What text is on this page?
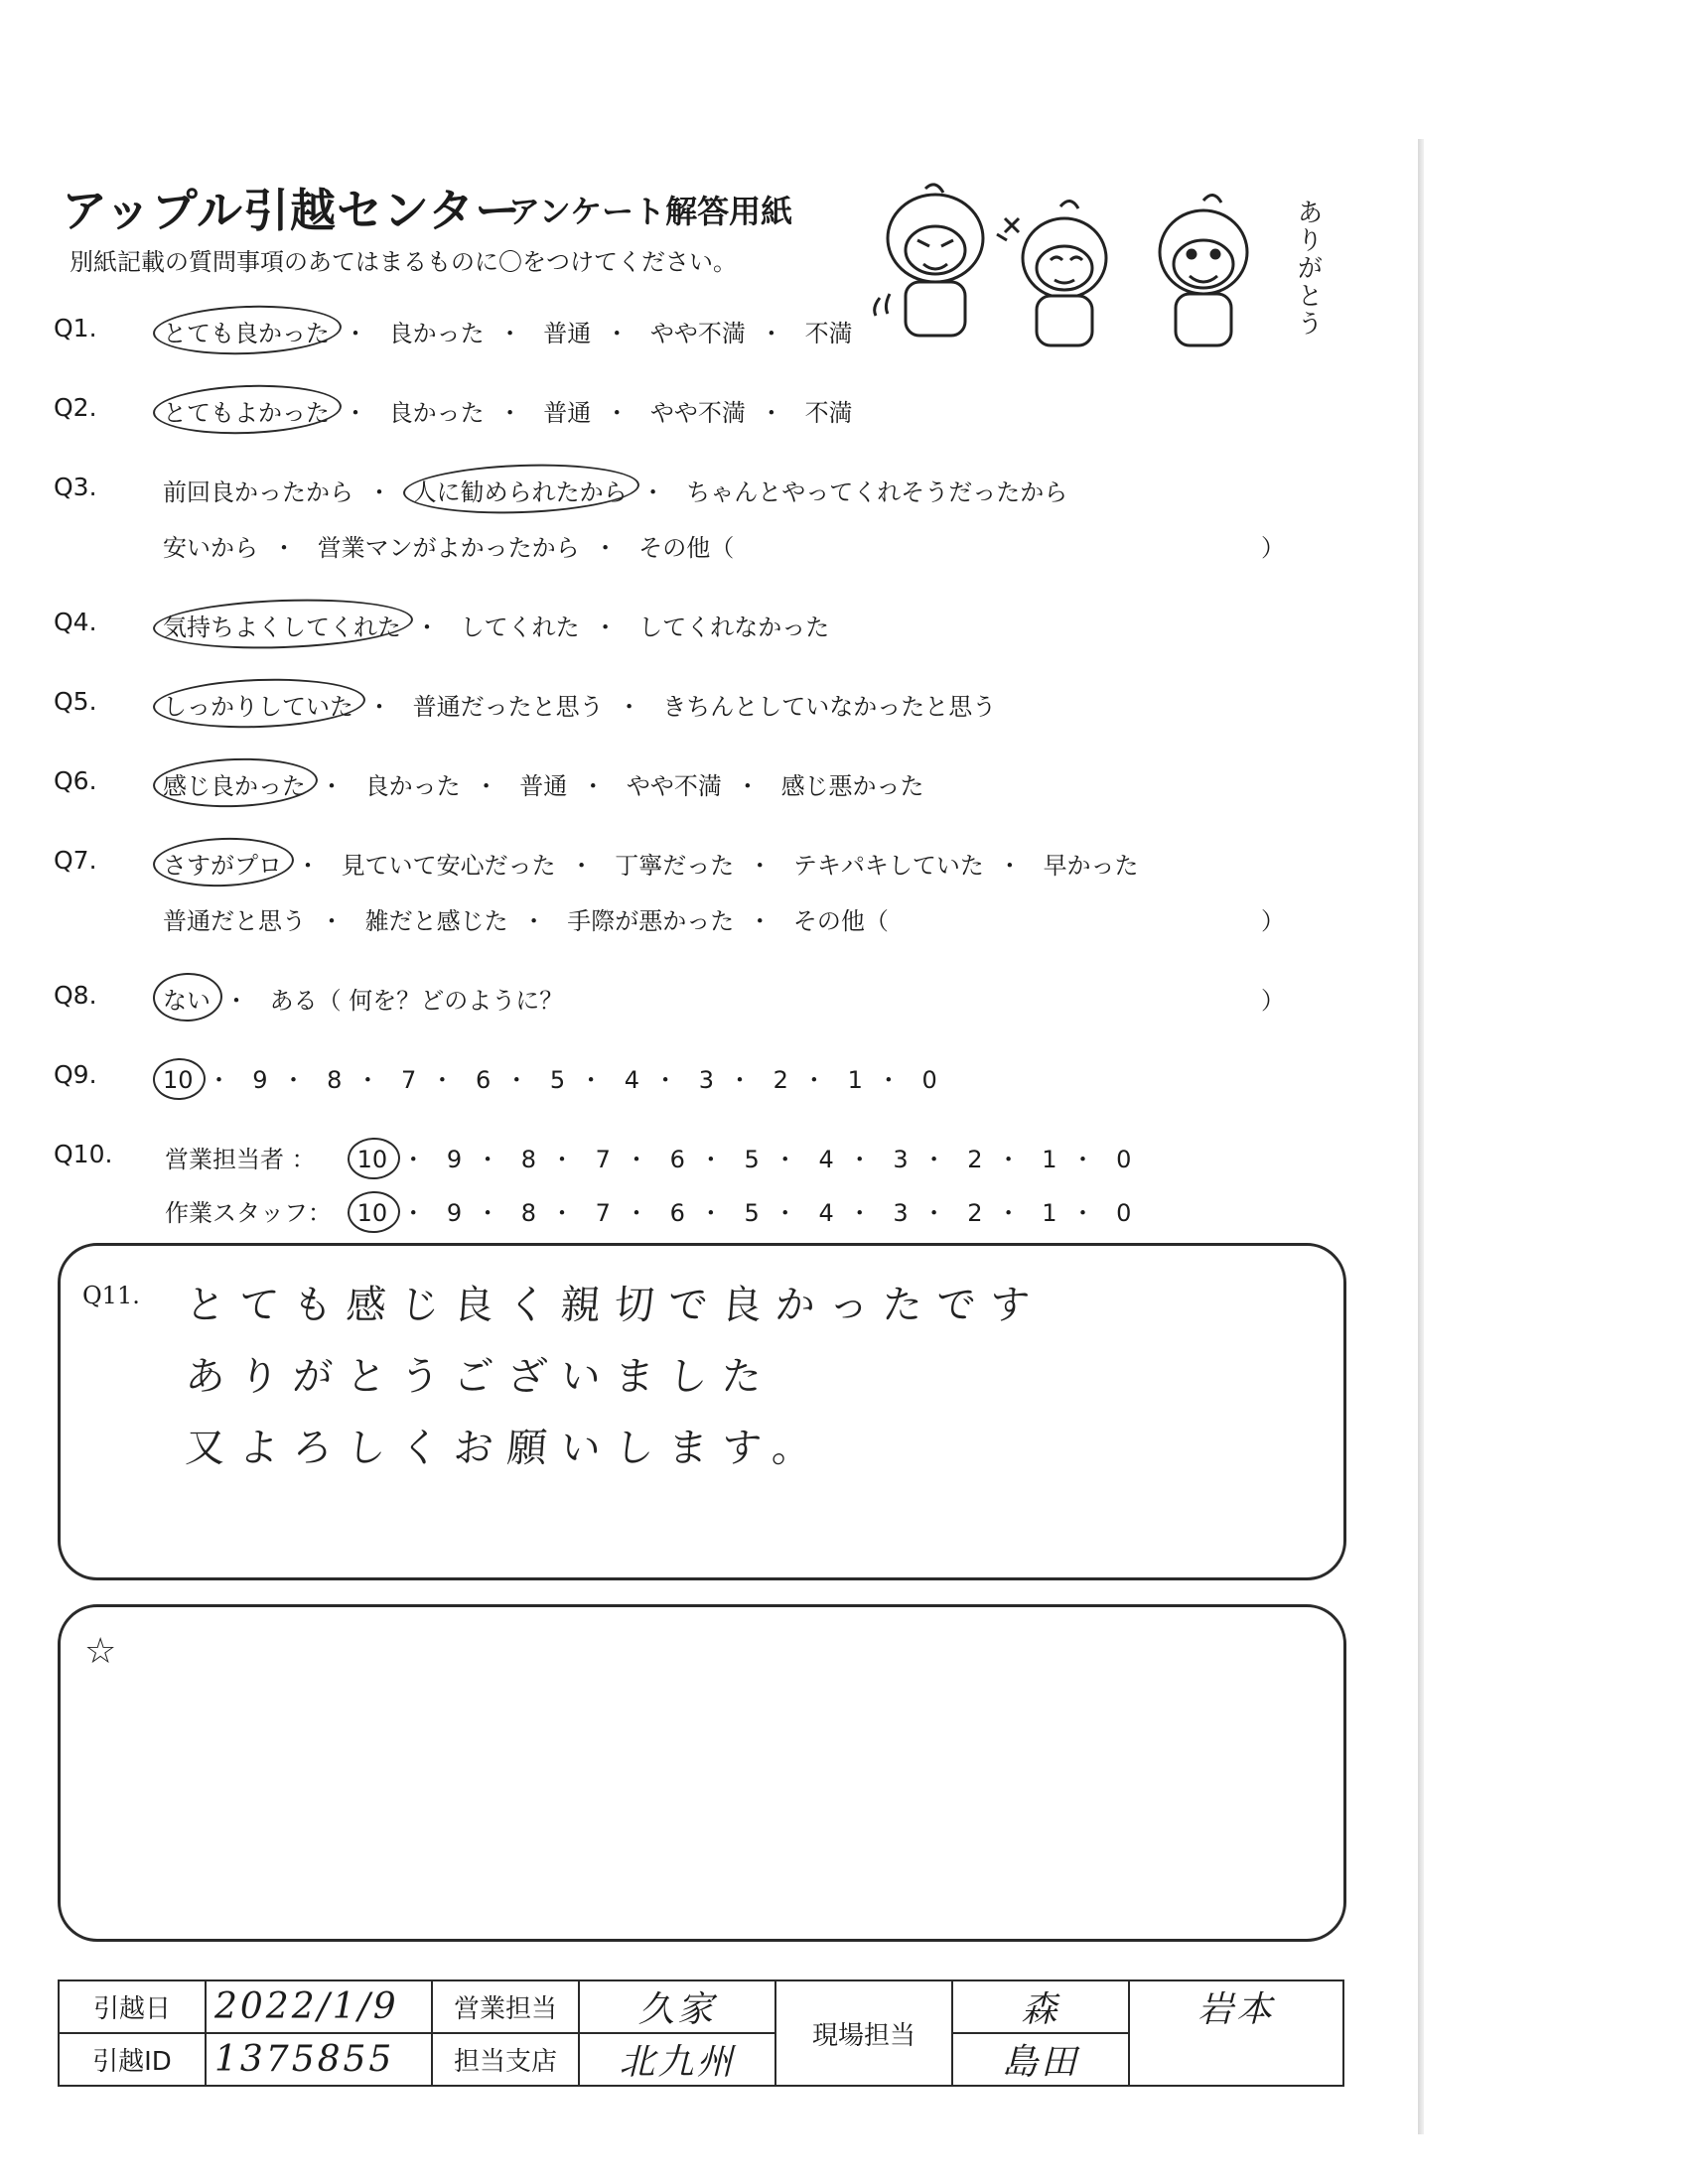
アップル引越センター
アンケート解答用紙
別紙記載の質問事項のあてはまるものに〇をつけてください。	ありがとう
Q1.	とても良かった ・ 良かった ・ 普通 ・ やや不満 ・ 不満
Q2.	とてもよかった ・ 良かった ・ 普通 ・ やや不満 ・ 不満
Q3.	前回良かったから ・ 人に勧められたから ・ ちゃんとやってくれそうだったから
安いから ・ 営業マンがよかったから ・ その他（	）
Q4.	気持ちよくしてくれた ・ してくれた ・ してくれなかった
Q5.	しっかりしていた ・ 普通だったと思う ・ きちんとしていなかったと思う
Q6.	感じ良かった ・ 良かった ・ 普通 ・ やや不満 ・ 感じ悪かった
Q7.	さすがプロ ・ 見ていて安心だった ・ 丁寧だった ・ テキパキしていた ・ 早かった
普通だと思う ・ 雑だと感じた ・ 手際が悪かった ・ その他（	）
Q8.	ない ・ ある（ 何を？どのように？	）
Q9.	10 ・ 9 ・ 8 ・ 7 ・ 6 ・ 5 ・ 4 ・ 3 ・ 2 ・ 1 ・ 0
Q10.	営業担当者 ： 10 ・ 9 ・ 8 ・ 7 ・ 6 ・ 5 ・ 4 ・ 3 ・ 2 ・ 1 ・ 0
作業スタッフ： 10 ・ 9 ・ 8 ・ 7 ・ 6 ・ 5 ・ 4 ・ 3 ・ 2 ・ 1 ・ 0
Q11. とても感じ良く親切で良かったです
ありがとうございました
又よろしくお願いします。
☆
引越日	2022/1/9	営業担当	久家	現場担当	森	岩本
引越ID	1375855	担当支店	北九州		島田	
